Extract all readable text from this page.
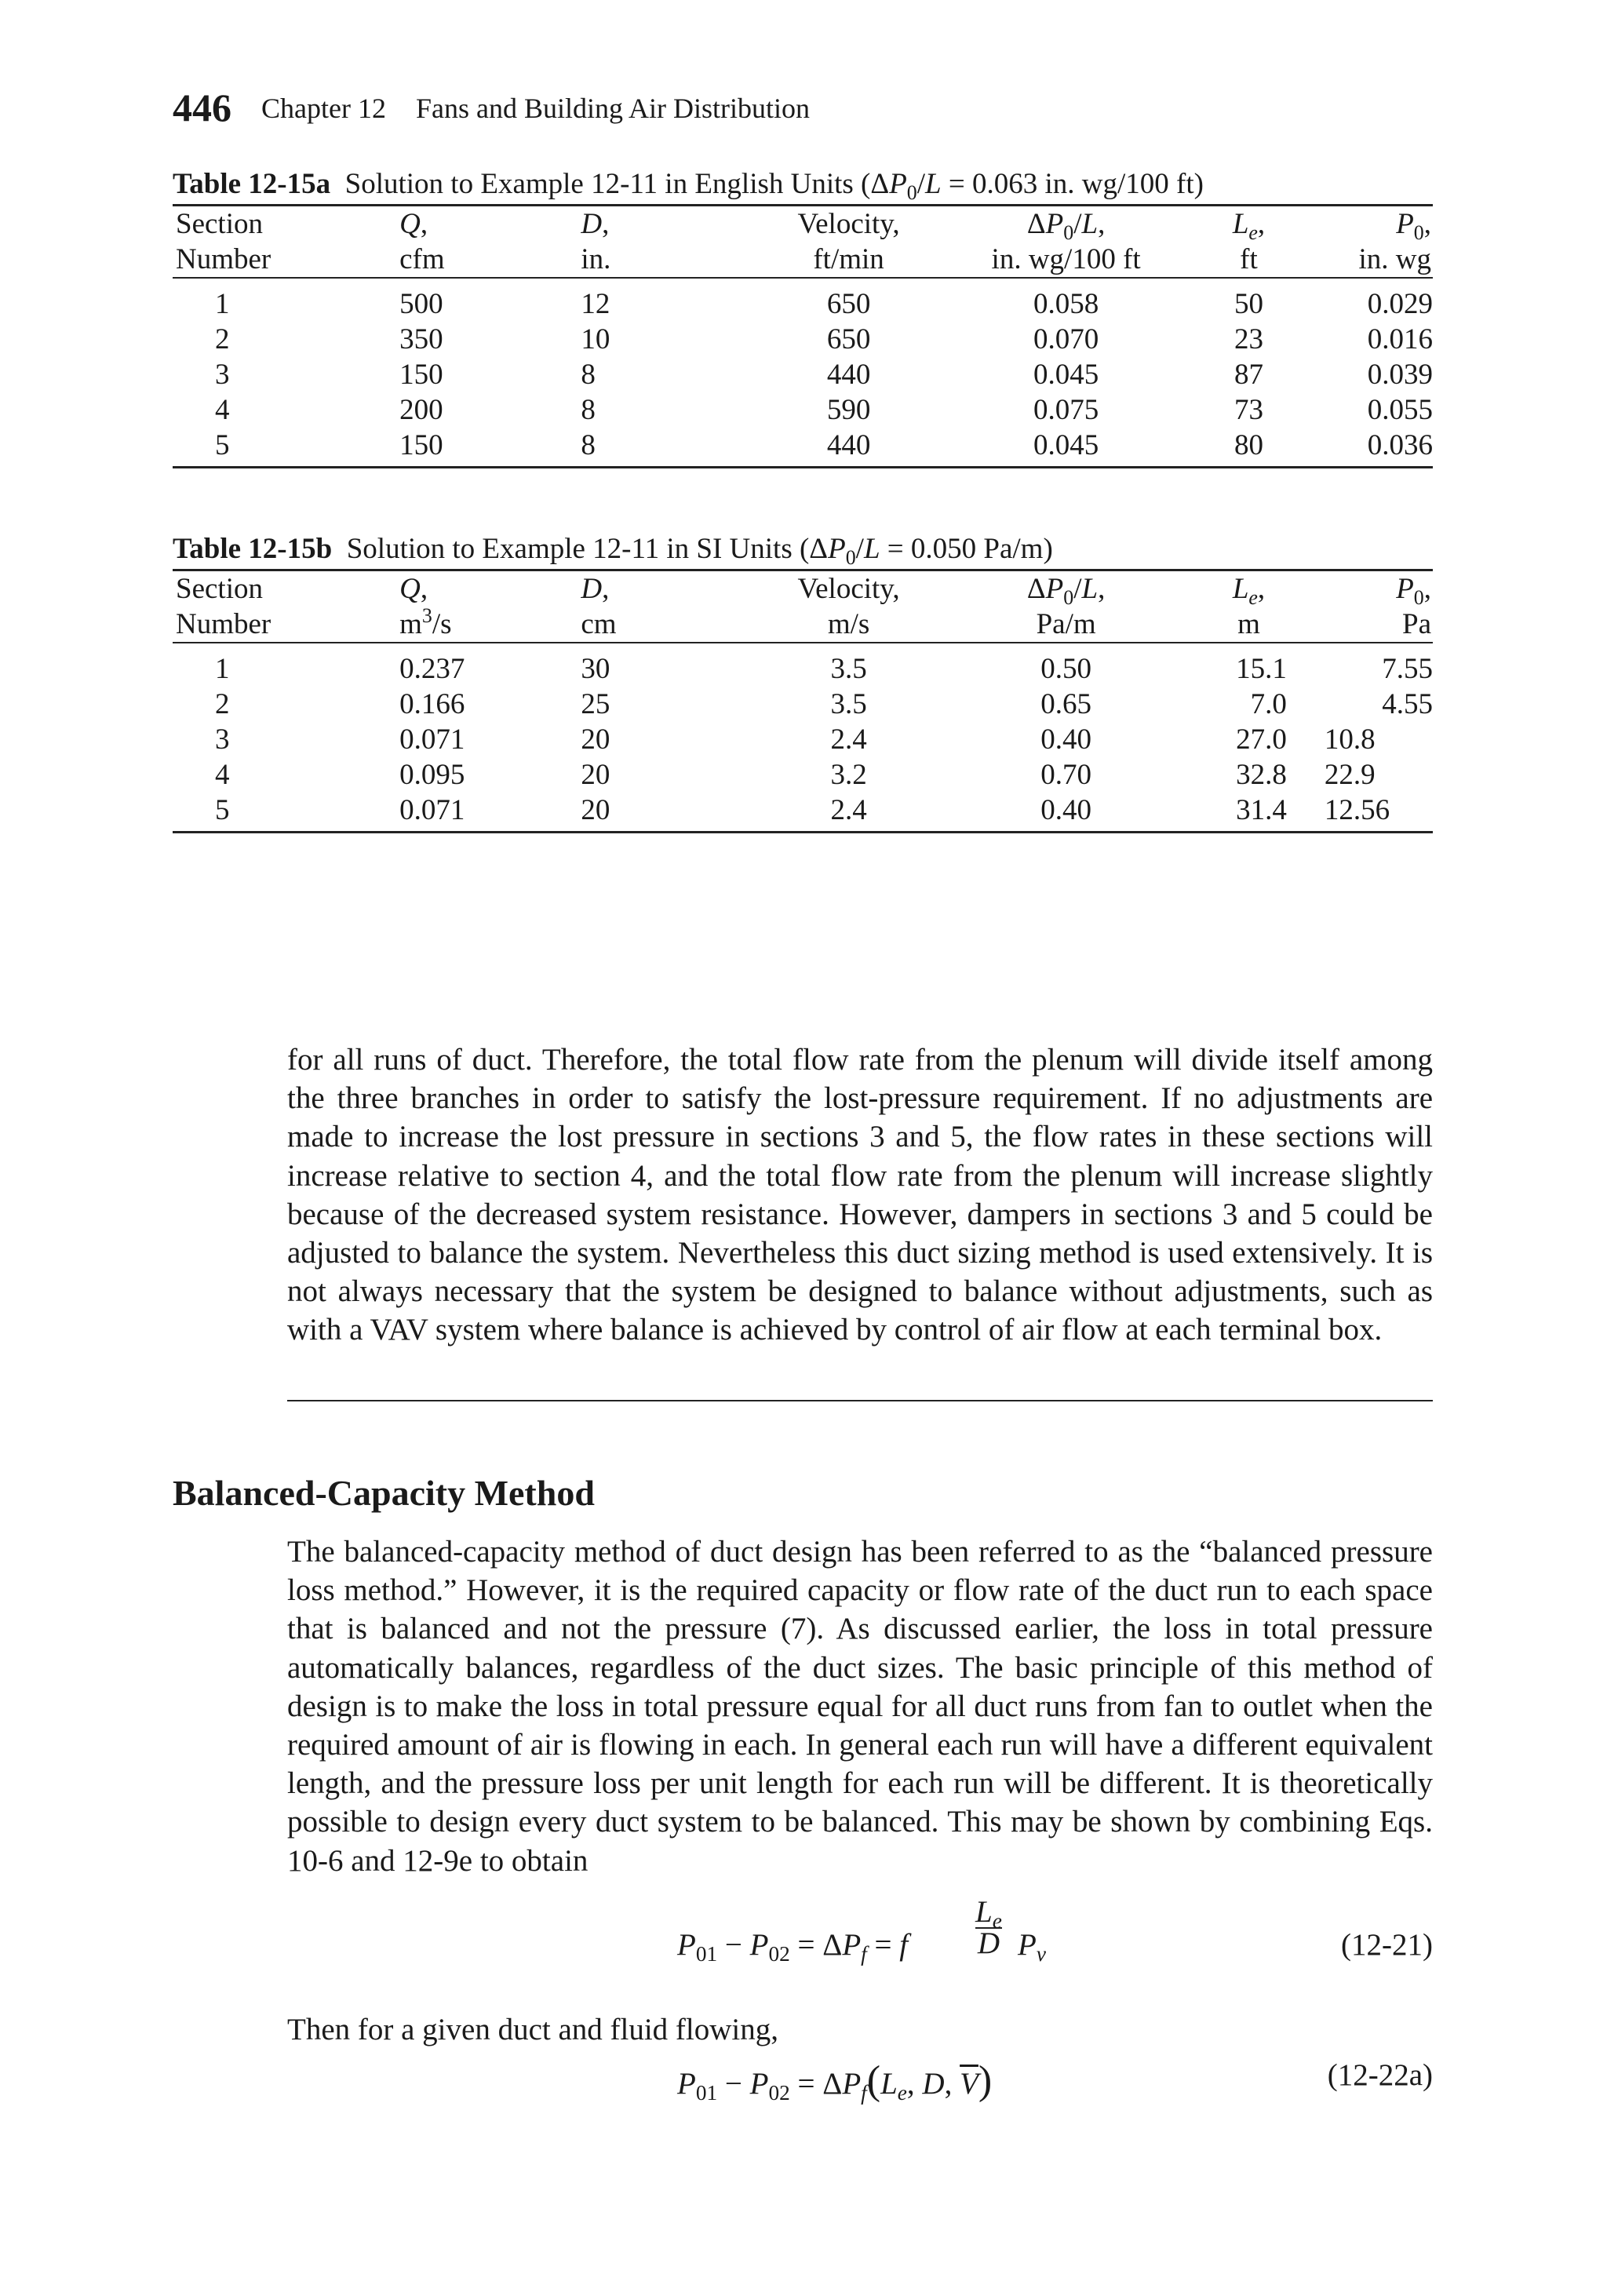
446 Chapter 12 Fans and Building Air Distribution
Table 12-15a Solution to Example 12-11 in English Units ($\Delta P_0/L = 0.063$ in. wg/100 ft)
Section	Q,	D,	Velocity,	$\Delta P_0/L$,	$L_e$,	$P_0$,
Number	cfm	in.	ft/min	in. wg/100 ft	ft	in. wg

1	500	12	650	0.058	50	0.029
2	350	10	650	0.070	23	0.016
3	150	8	440	0.045	87	0.039
4	200	8	590	0.075	73	0.055
5	150	8	440	0.045	80	0.036
Table 12-15b Solution to Example 12-11 in SI Units ($\Delta P_0/L = 0.050$ Pa/m)
Section	Q,	D,	Velocity,	$\Delta P_0/L$,	$L_e$,	$P_0$,
Number	$m^3/s$	cm	m/s	Pa/m	m	Pa

1	0.237	30	3.5	0.50	15.1	7.55
2	0.166	25	3.5	0.65	7.0	4.55
3	0.071	20	2.4	0.40	27.0	10.8
4	0.095	20	3.2	0.70	32.8	22.9
5	0.071	20	2.4	0.40	31.4	12.56

for all runs of duct. Therefore, the total flow rate from the plenum will divide itself among the three branches in order to satisfy the lost-pressure requirement. If no adjustments are made to increase the lost pressure in sections 3 and 5, the flow rates in these sections will increase relative to section 4, and the total flow rate from the plenum will increase slightly because of the decreased system resistance. However, dampers in sections 3 and 5 could be adjusted to balance the system. Nevertheless this duct sizing method is used extensively. It is not always necessary that the system be designed to balance without adjustments, such as with a VAV system where balance is achieved by control of air flow at each terminal box.

Balanced-Capacity Method

The balanced-capacity method of duct design has been referred to as the “balanced pressure loss method.” However, it is the required capacity or flow rate of the duct run to each space that is balanced and not the pressure (7). As discussed earlier, the loss in total pressure automatically balances, regardless of the duct sizes. The basic principle of this method of design is to make the loss in total pressure equal for all duct runs from fan to outlet when the required amount of air is flowing in each. In general each run will have a different equivalent length, and the pressure loss per unit length for each run will be different. It is theoretically possible to design every duct system to be balanced. This may be shown by combining Eqs. 10-6 and 12-9e to obtain

$P_{01} - P_{02} = \Delta P_f = f$
$L_e$
D $P_v$	(12-21)

Then for a given duct and fluid flowing,

$P_{01} - P_{02} = \Delta P_f(L_e$, D, $\overline{V}$)	(12-22a)
